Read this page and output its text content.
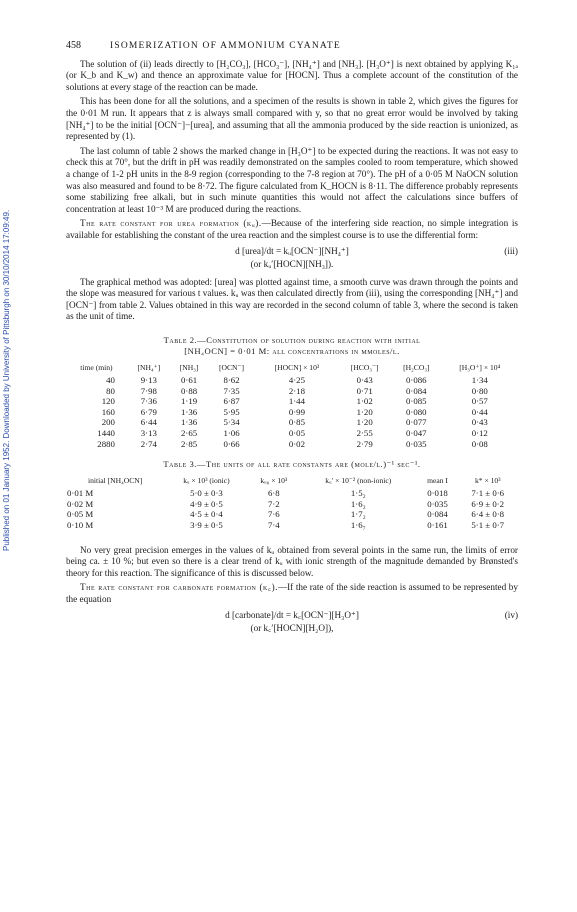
Published on 01 January 1952. Downloaded by University of Pittsburgh on 30/10/2014 17:09:49.
458	ISOMERIZATION OF AMMONIUM CYANATE

The solution of (ii) leads directly to [H₂CO₃], [HCO₃⁻], [NH₄⁺] and [NH₃]. [H₃O⁺] is next obtained by applying K₁ₐ (or K_b and K_w) and thence an approximate value for [HOCN]. Thus a complete account of the constitution of the solutions at every stage of the reaction can be made.

This has been done for all the solutions, and a specimen of the results is shown in table 2, which gives the figures for the 0·01 M run. It appears that z is always small compared with y, so that no great error would be involved by taking [NH₄⁺] to be the initial [OCN⁻]−[urea], and assuming that all the ammonia produced by the side reaction is unionized, as represented by (1).

The last column of table 2 shows the marked change in [H₃O⁺] to be expected during the reactions. It was not easy to check this at 70°, but the drift in pH was readily demonstrated on the samples cooled to room temperature, which showed a change of 1-2 pH units in the 8-9 region (corresponding to the 7-8 region at 70°). The pH of a 0·05 M NaOCN solution was also measured and found to be 8·72. The figure calculated from K_HOCN is 8·11. The difference probably represents some stabilizing free alkali, but in such minute quantities this would not affect the calculations since buffers of concentration at least 10⁻³ M are produced during the reactions.

The rate constant for urea formation (kᵤ).—Because of the interfering side reaction, no simple integration is available for establishing the constant of the urea reaction and the simplest course is to use the differential form:

d [urea]/dt = kᵤ[OCN⁻][NH₄⁺]	(iii)
(or kᵤ′[HOCN][NH₃]).

The graphical method was adopted: [urea] was plotted against time, a smooth curve was drawn through the points and the slope was measured for various t values. kᵤ was then calculated directly from (iii), using the corresponding [NH₄⁺] and [OCN⁻] from table 2. Values obtained in this way are recorded in the second column of table 3, where the second is taken as the unit of time.

Table 2.—Constitution of solution during reaction with initial
[NH₄OCN] = 0·01 M: all concentrations in mmoles/l.
time (min)	[NH₄⁺]	[NH₃]	[OCN⁻]	[HOCN] × 10³	[HCO₃⁻]	[H₂CO₃]	[H₃O⁺] × 10⁴
40	9·13	0·61	8·62	4·25	0·43	0·086	1·34
80	7·98	0·88	7·35	2·18	0·71	0·084	0·80
120	7·36	1·19	6·87	1·44	1·02	0·085	0·57
160	6·79	1·36	5·95	0·99	1·20	0·080	0·44
200	6·44	1·36	5·34	0·85	1·20	0·077	0·43
1440	3·13	2·65	1·06	0·05	2·55	0·047	0·12
2880	2·74	2·85	0·66	0·02	2·79	0·035	0·08
Table 3.—The units of all rate constants are (mole/l.)⁻¹ sec⁻¹.
initial [NH₄OCN]	kᵤ × 10³ (ionic)	kᵤ₀ × 10³	kᵤ′ × 10⁻² (non-ionic)	mean I	k* × 10³
0·01 M	5·0 ± 0·3	6·8	1·5₂	0·018	7·1 ± 0·6
0·02 M	4·9 ± 0·5	7·2	1·6₂	0·035	6·9 ± 0·2
0·05 M	4·5 ± 0·4	7·6	1·7₂	0·084	6·4 ± 0·8
0·10 M	3·9 ± 0·5	7·4	1·6₇	0·161	5·1 ± 0·7

No very great precision emerges in the values of kᵤ obtained from several points in the same run, the limits of error being ca. ± 10 %; but even so there is a clear trend of kᵤ with ionic strength of the magnitude demanded by Brønsted's theory for this reaction. The significance of this is discussed below.

The rate constant for carbonate formation (k꜀).—If the rate of the side reaction is assumed to be represented by the equation

d [carbonate]/dt = k꜀[OCN⁻][H₃O⁺]	(iv)
(or k꜀′[HOCN][H₂O]),
